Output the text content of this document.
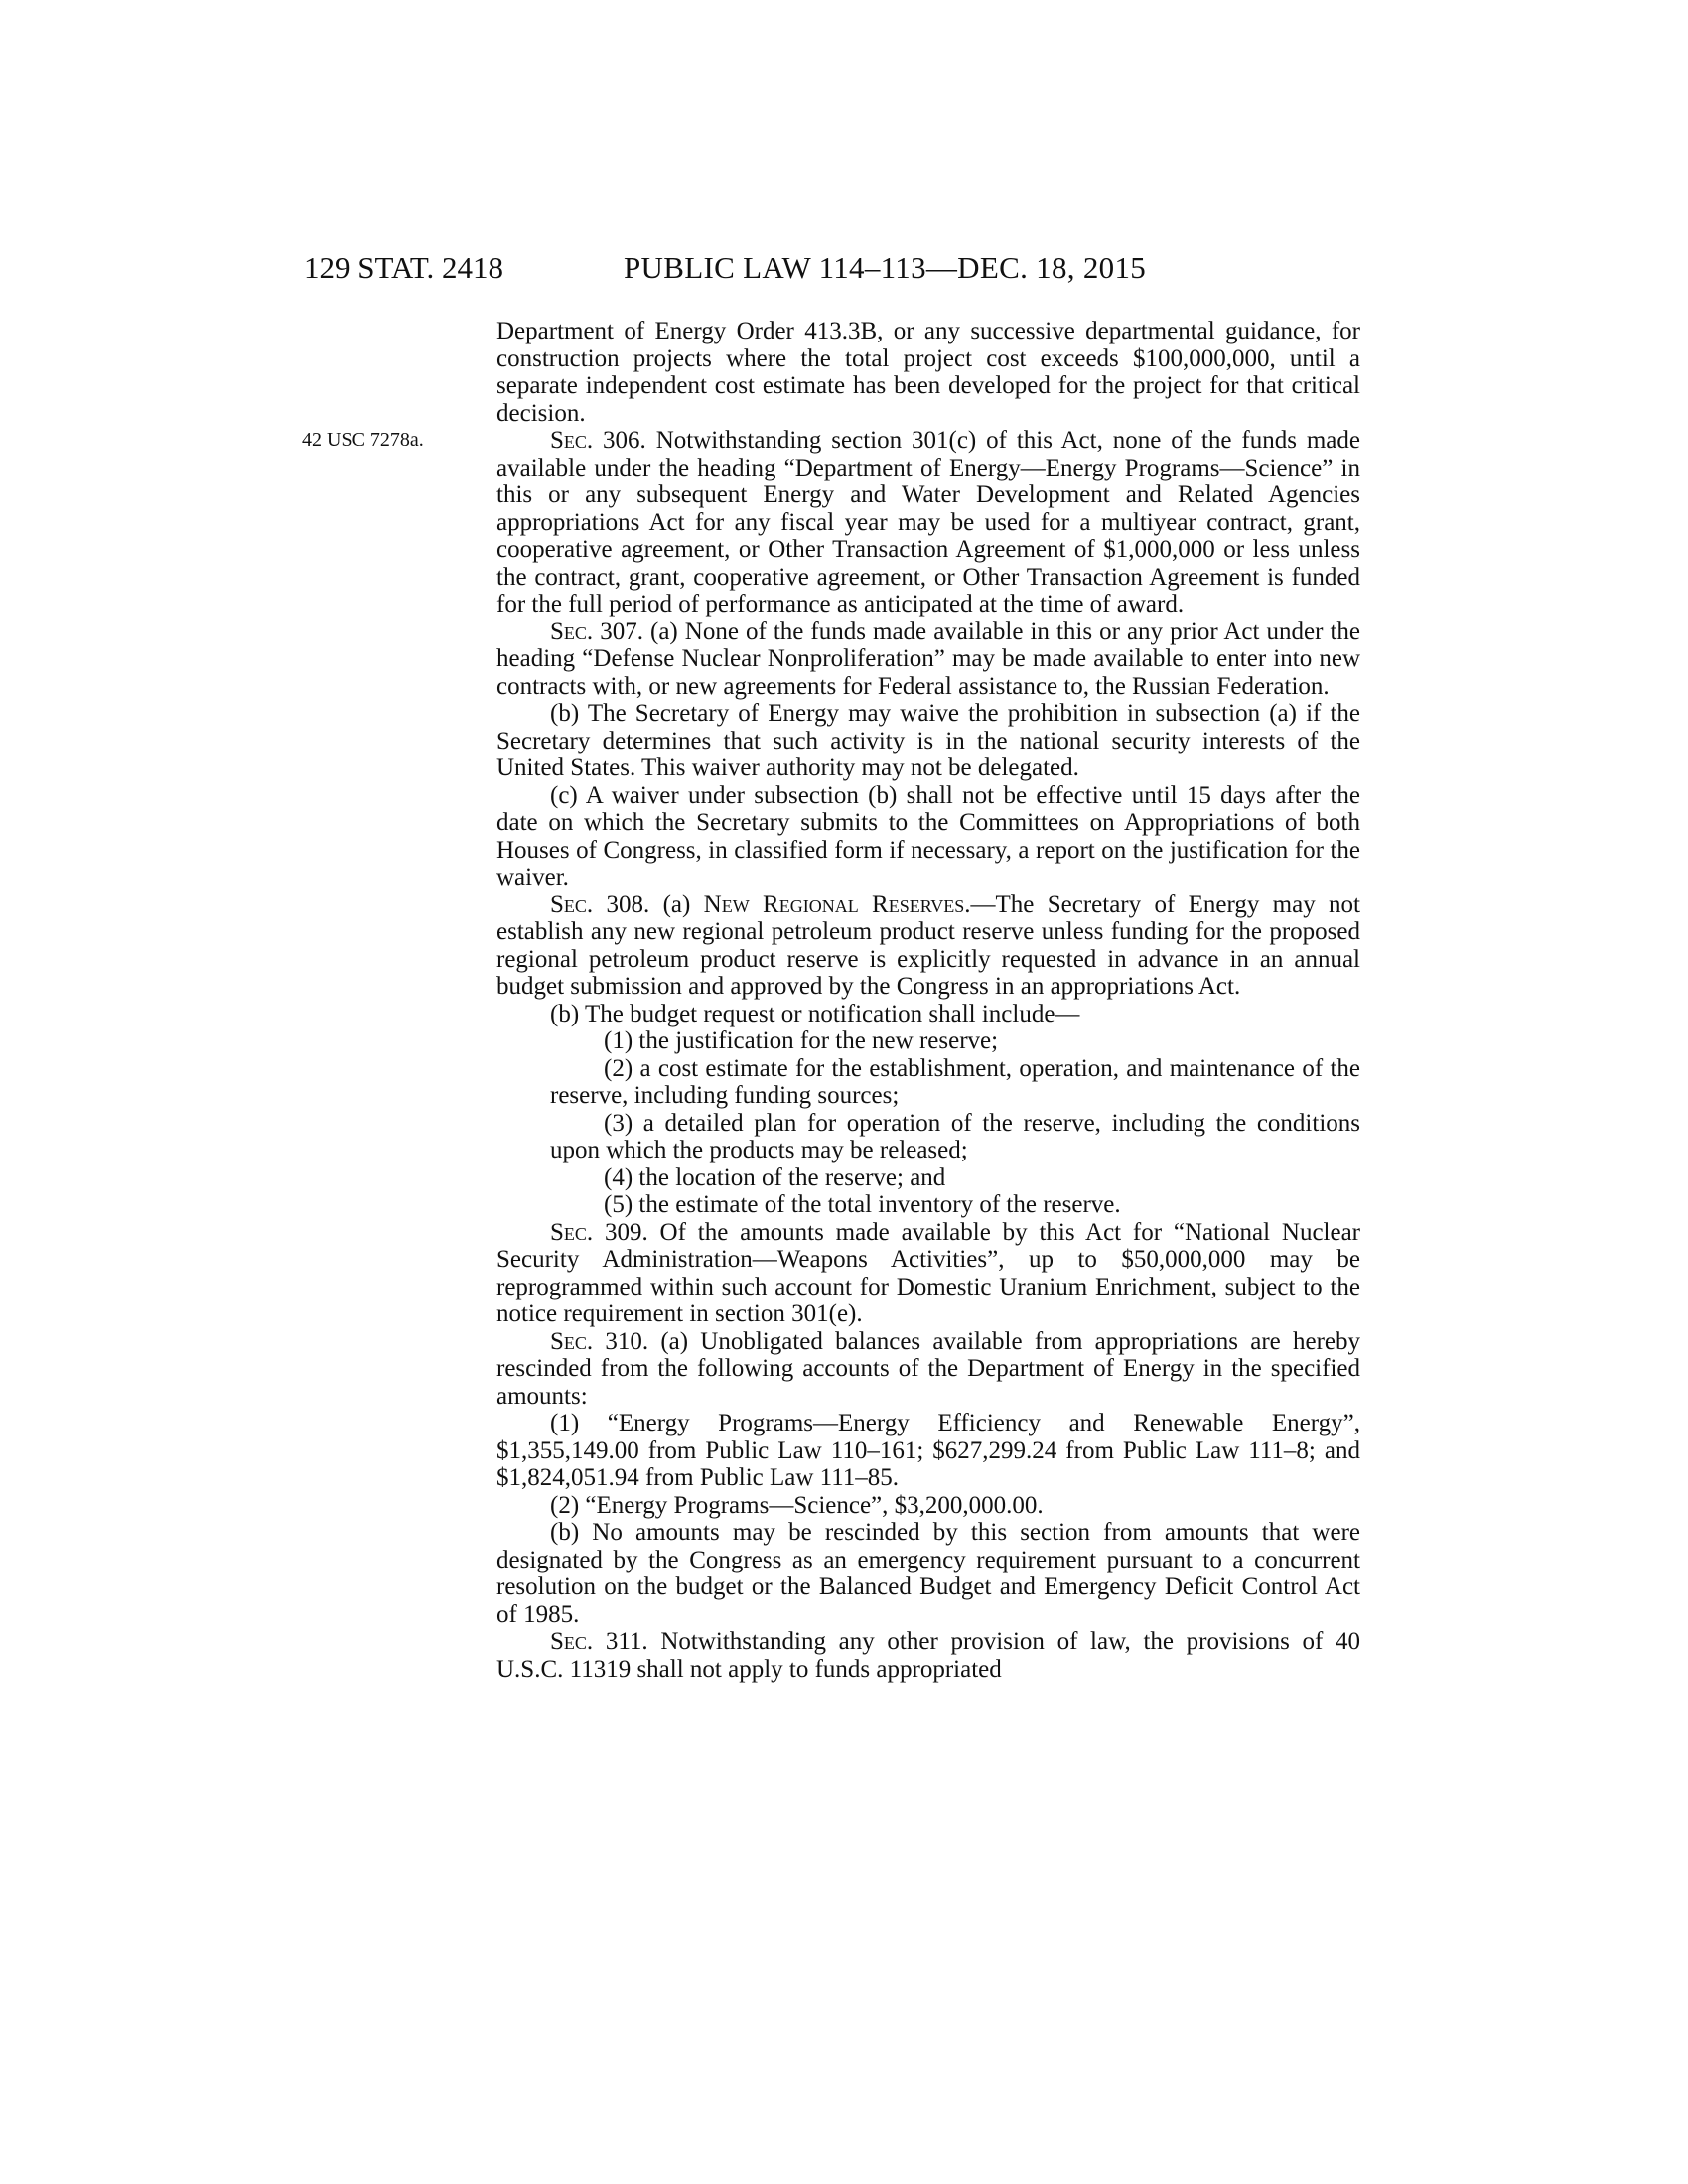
129 STAT. 2418	PUBLIC LAW 114–113—DEC. 18, 2015
42 USC 7278a.

Department of Energy Order 413.3B, or any successive departmental guidance, for construction projects where the total project cost exceeds $100,000,000, until a separate independent cost estimate has been developed for the project for that critical decision.

Sec. 306. Notwithstanding section 301(c) of this Act, none of the funds made available under the heading “Department of Energy—Energy Programs—Science” in this or any subsequent Energy and Water Development and Related Agencies appropriations Act for any fiscal year may be used for a multiyear contract, grant, cooperative agreement, or Other Transaction Agreement of $1,000,000 or less unless the contract, grant, cooperative agreement, or Other Transaction Agreement is funded for the full period of performance as anticipated at the time of award.

Sec. 307. (a) None of the funds made available in this or any prior Act under the heading “Defense Nuclear Nonproliferation” may be made available to enter into new contracts with, or new agreements for Federal assistance to, the Russian Federation.

(b) The Secretary of Energy may waive the prohibition in subsection (a) if the Secretary determines that such activity is in the national security interests of the United States. This waiver authority may not be delegated.

(c) A waiver under subsection (b) shall not be effective until 15 days after the date on which the Secretary submits to the Committees on Appropriations of both Houses of Congress, in classified form if necessary, a report on the justification for the waiver.

Sec. 308. (a) New Regional Reserves.—The Secretary of Energy may not establish any new regional petroleum product reserve unless funding for the proposed regional petroleum product reserve is explicitly requested in advance in an annual budget submission and approved by the Congress in an appropriations Act.

(b) The budget request or notification shall include—

(1) the justification for the new reserve;

(2) a cost estimate for the establishment, operation, and maintenance of the reserve, including funding sources;

(3) a detailed plan for operation of the reserve, including the conditions upon which the products may be released;

(4) the location of the reserve; and

(5) the estimate of the total inventory of the reserve.

Sec. 309. Of the amounts made available by this Act for “National Nuclear Security Administration—Weapons Activities”, up to $50,000,000 may be reprogrammed within such account for Domestic Uranium Enrichment, subject to the notice requirement in section 301(e).

Sec. 310. (a) Unobligated balances available from appropriations are hereby rescinded from the following accounts of the Department of Energy in the specified amounts:

(1) “Energy Programs—Energy Efficiency and Renewable Energy”, $1,355,149.00 from Public Law 110–161; $627,299.24 from Public Law 111–8; and $1,824,051.94 from Public Law 111–85.

(2) “Energy Programs—Science”, $3,200,000.00.

(b) No amounts may be rescinded by this section from amounts that were designated by the Congress as an emergency requirement pursuant to a concurrent resolution on the budget or the Balanced Budget and Emergency Deficit Control Act of 1985.

Sec. 311. Notwithstanding any other provision of law, the provisions of 40 U.S.C. 11319 shall not apply to funds appropriated
